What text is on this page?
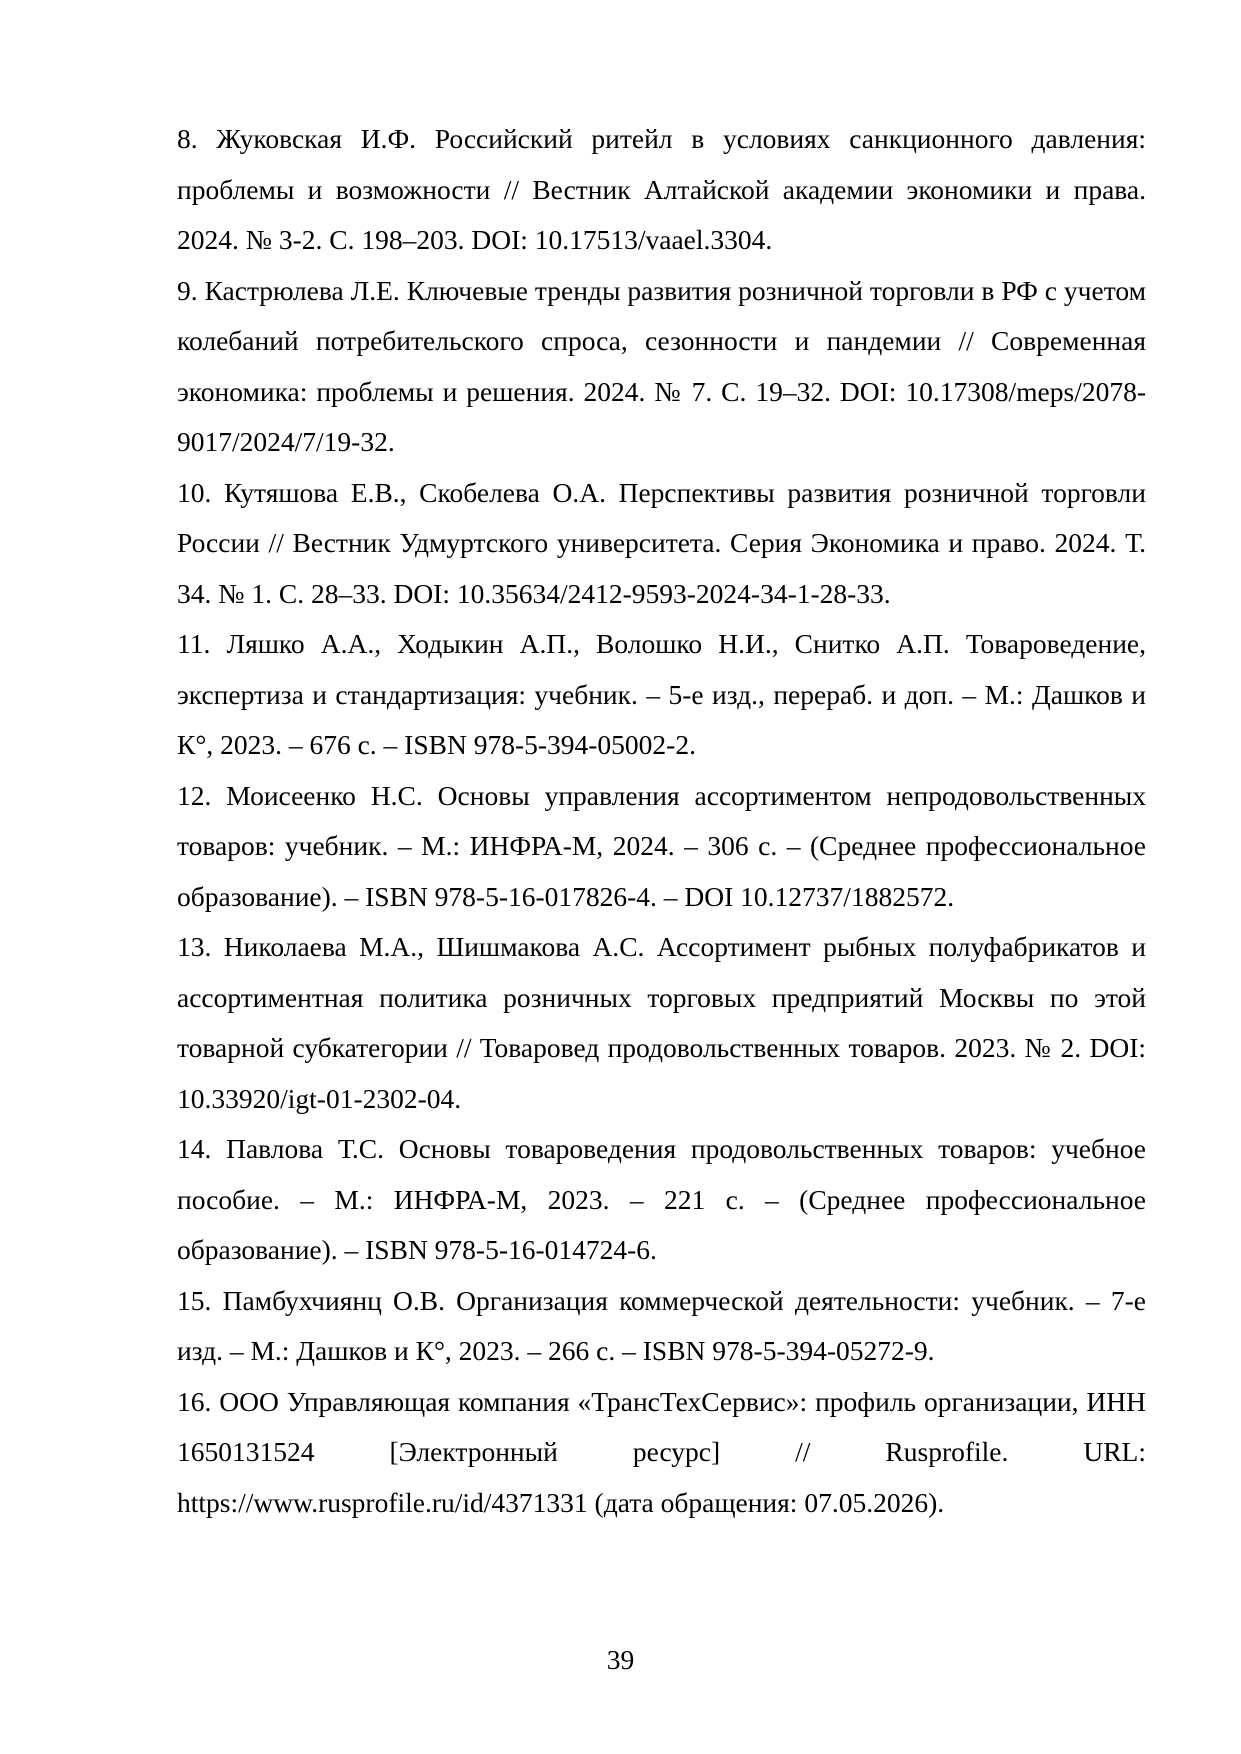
8. Жуковская И.Ф. Российский ритейл в условиях санкционного давления: проблемы и возможности // Вестник Алтайской академии экономики и права. 2024. № 3-2. С. 198–203. DOI: 10.17513/vaael.3304.
9. Кастрюлева Л.Е. Ключевые тренды развития розничной торговли в РФ с учетом колебаний потребительского спроса, сезонности и пандемии // Современная экономика: проблемы и решения. 2024. № 7. С. 19–32. DOI: 10.17308/meps/2078-9017/2024/7/19-32.
10. Кутяшова Е.В., Скобелева О.А. Перспективы развития розничной торговли России // Вестник Удмуртского университета. Серия Экономика и право. 2024. Т. 34. № 1. С. 28–33. DOI: 10.35634/2412-9593-2024-34-1-28-33.
11. Ляшко А.А., Ходыкин А.П., Волошко Н.И., Снитко А.П. Товароведение, экспертиза и стандартизация: учебник. – 5-е изд., перераб. и доп. – М.: Дашков и К°, 2023. – 676 с. – ISBN 978-5-394-05002-2.
12. Моисеенко Н.С. Основы управления ассортиментом непродовольственных товаров: учебник. – М.: ИНФРА-М, 2024. – 306 с. – (Среднее профессиональное образование). – ISBN 978-5-16-017826-4. – DOI 10.12737/1882572.
13. Николаева М.А., Шишмакова А.С. Ассортимент рыбных полуфабрикатов и ассортиментная политика розничных торговых предприятий Москвы по этой товарной субкатегории // Товаровед продовольственных товаров. 2023. № 2. DOI: 10.33920/igt-01-2302-04.
14. Павлова Т.С. Основы товароведения продовольственных товаров: учебное пособие. – М.: ИНФРА-М, 2023. – 221 с. – (Среднее профессиональное образование). – ISBN 978-5-16-014724-6.
15. Памбухчиянц О.В. Организация коммерческой деятельности: учебник. – 7-е изд. – М.: Дашков и К°, 2023. – 266 с. – ISBN 978-5-394-05272-9.
16. ООО Управляющая компания «ТрансТехСервис»: профиль организации, ИНН 1650131524 [Электронный ресурс] // Rusprofile. URL: https://www.rusprofile.ru/id/4371331 (дата обращения: 07.05.2026).
39
